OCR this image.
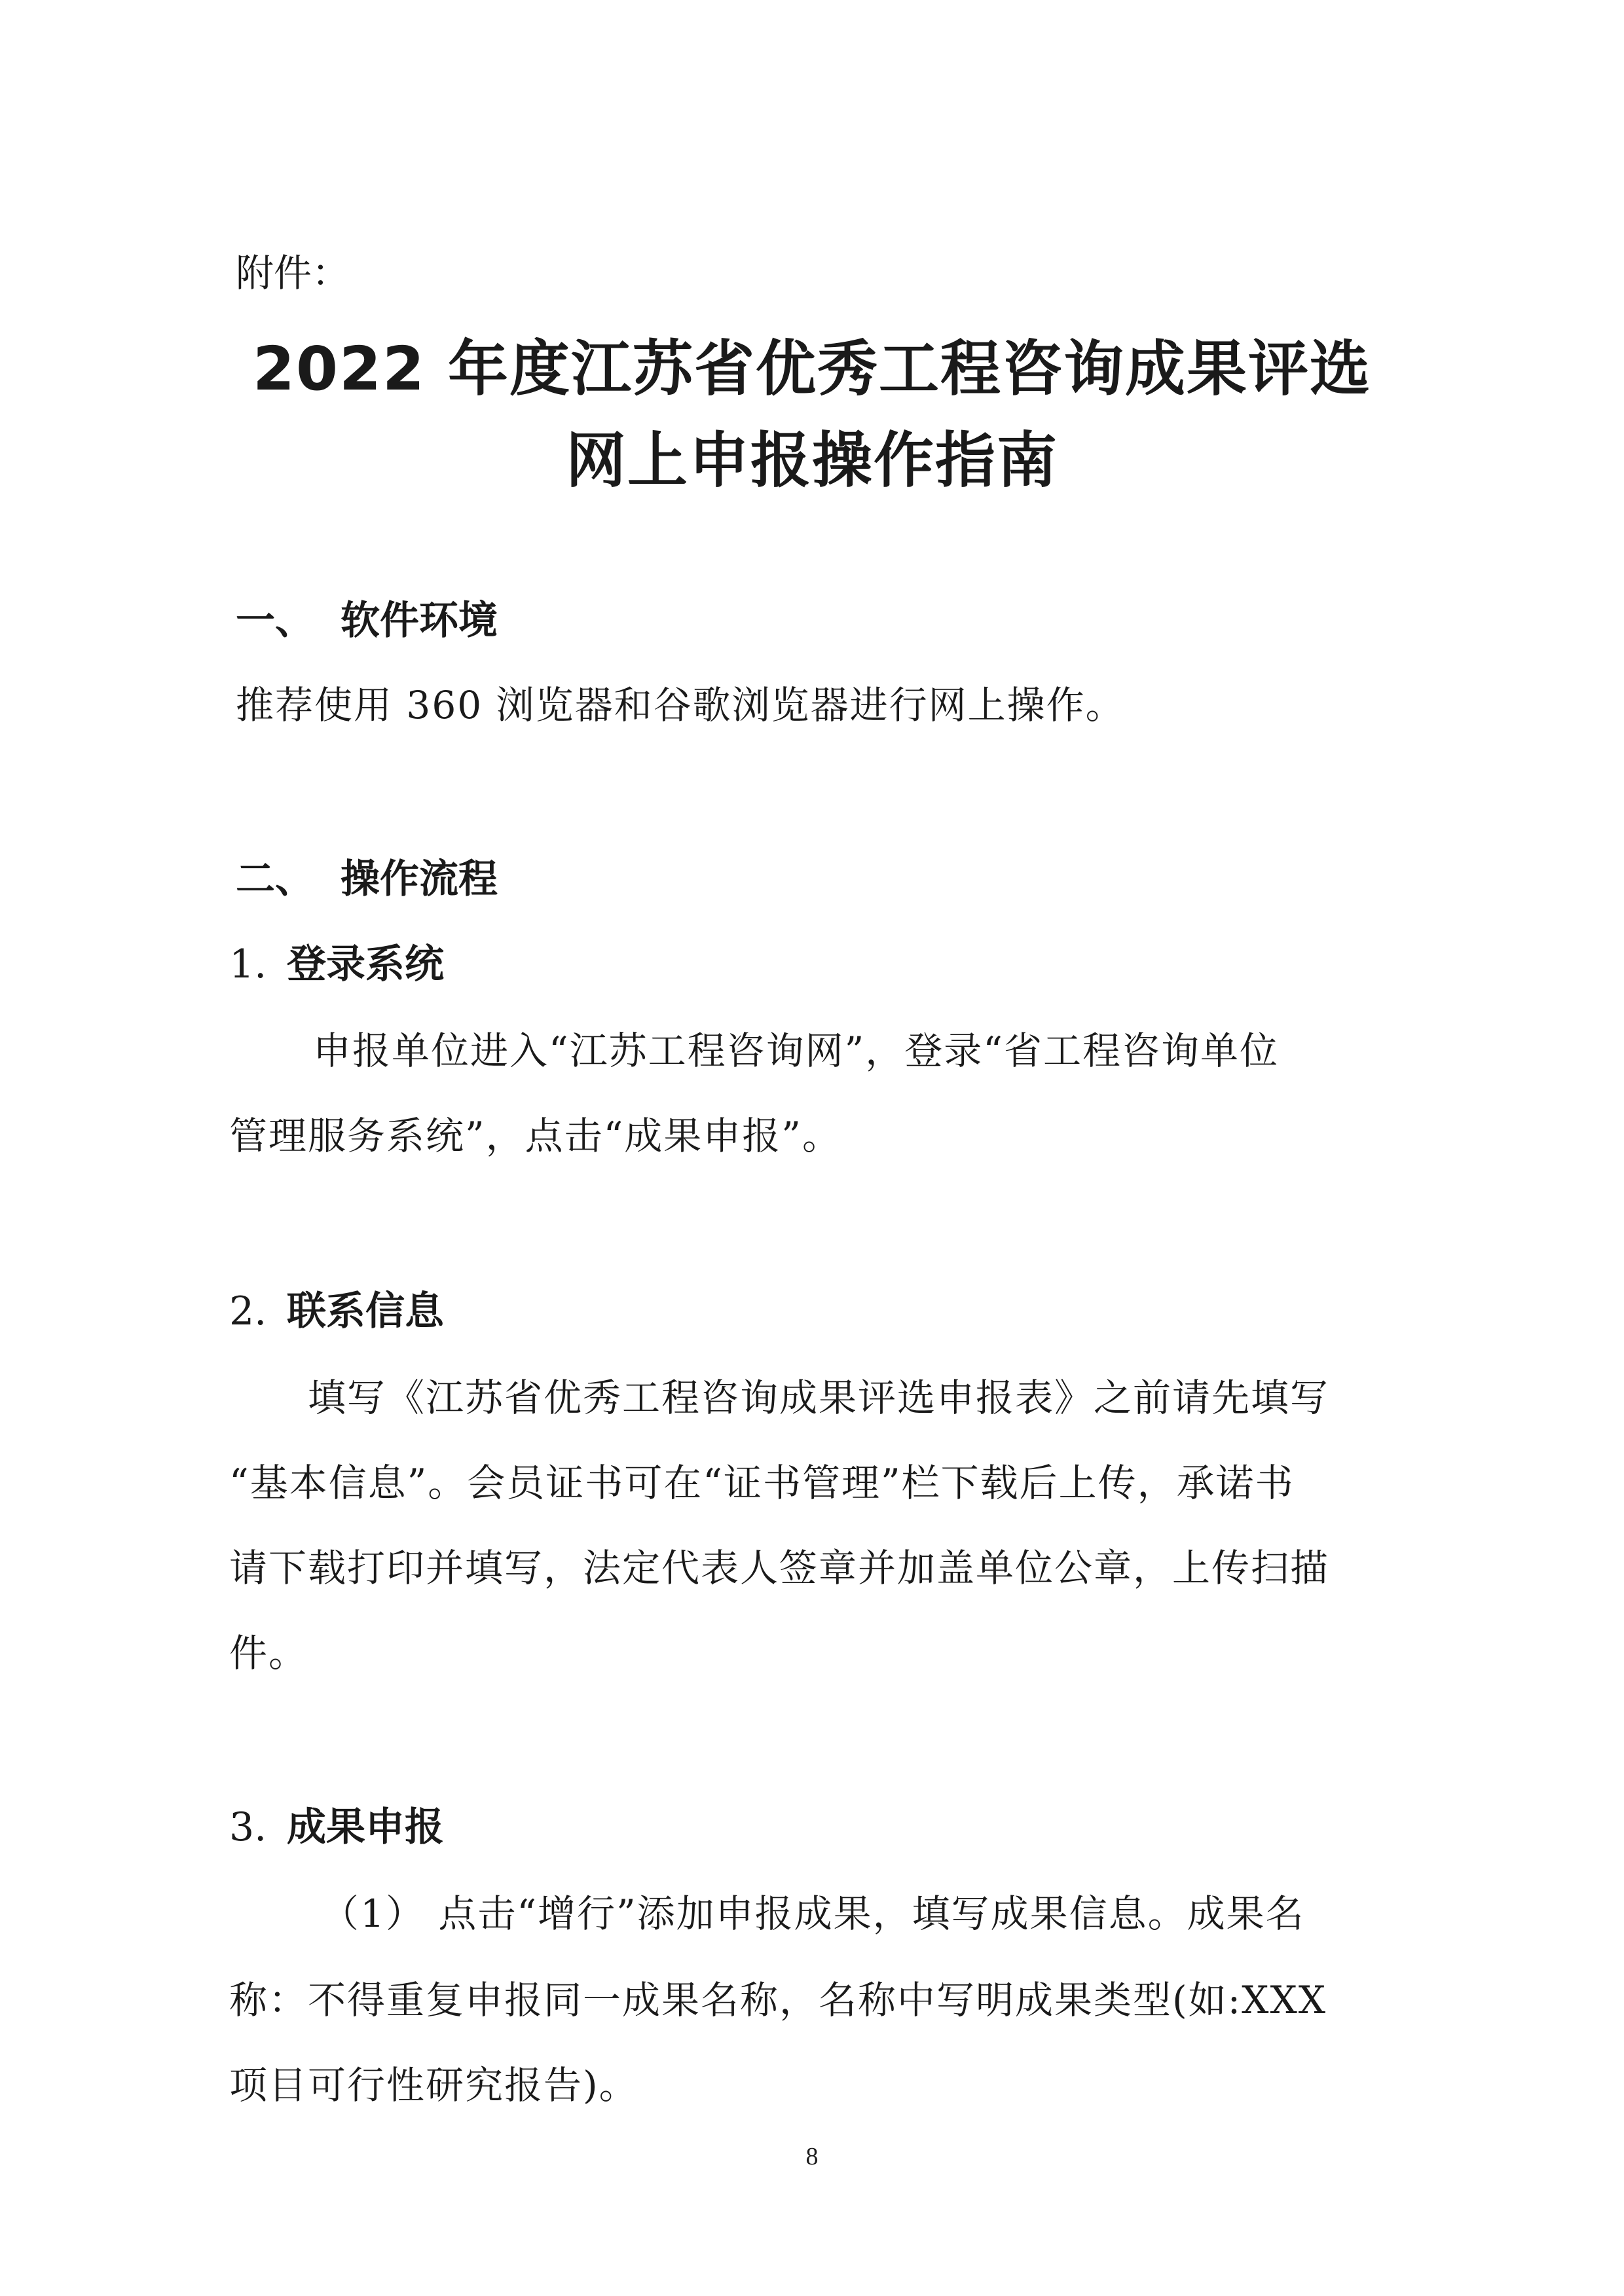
附件：
2022 年度江苏省优秀工程咨询成果评选
网上申报操作指南
一、 软件环境
推荐使用 360 浏览器和谷歌浏览器进行网上操作。
二、 操作流程
1. 登录系统
申报单位进入“江苏工程咨询网”，登录“省工程咨询单位
管理服务系统”，点击“成果申报”。
2. 联系信息
填写《江苏省优秀工程咨询成果评选申报表》之前请先填写
“基本信息”。会员证书可在“证书管理”栏下载后上传，承诺书
请下载打印并填写，法定代表人签章并加盖单位公章，上传扫描
件。
3. 成果申报
（1） 点击“增行”添加申报成果，填写成果信息。成果名
称：不得重复申报同一成果名称，名称中写明成果类型(如:XXX
项目可行性研究报告)。
8
